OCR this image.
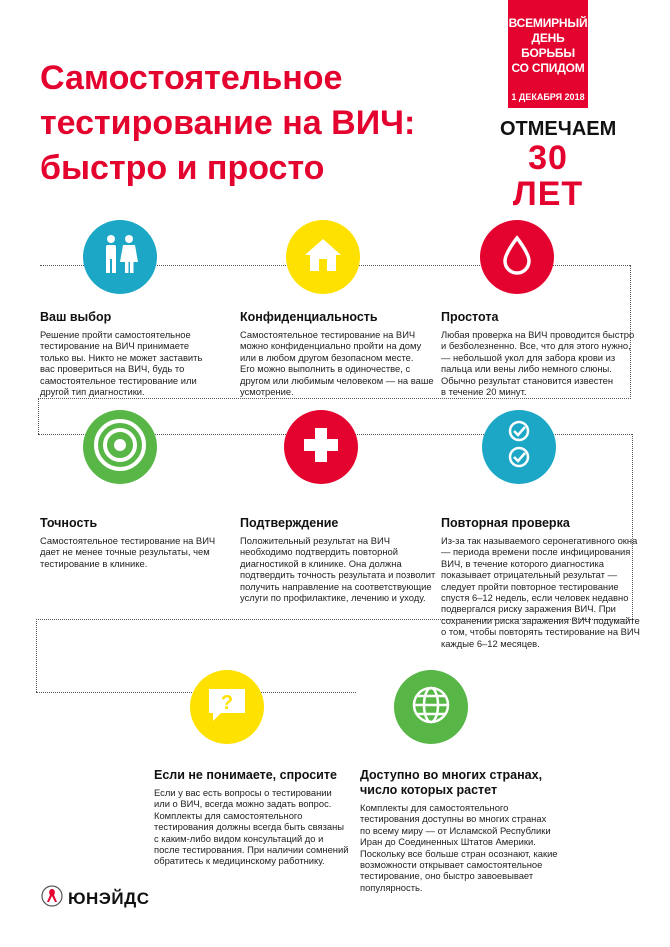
Самостоятельное
тестирование на ВИЧ:
быстро и просто
ВСЕМИРНЫЙ
ДЕНЬ БОРЬБЫ
СО СПИДОМ
1 ДЕКАБРЯ 2018
ОТМЕЧАЕМ
30 ЛЕТ
Ваш выбор
Решение пройти самостоятельное
тестирование на ВИЧ принимаете
только вы. Никто не может заставить
вас провериться на ВИЧ, будь то
самостоятельное тестирование или
другой тип диагностики.
Конфиденциальность
Самостоятельное тестирование на ВИЧ
можно конфиденциально пройти на дому
или в любом другом безопасном месте.
Его можно выполнить в одиночестве, с
другом или любимым человеком — на ваше
усмотрение.
Простота
Любая проверка на ВИЧ проводится быстро
и безболезненно. Все, что для этого нужно,
— небольшой укол для забора крови из
пальца или вены либо немного слюны.
Обычно результат становится известен
в течение 20 минут.
Точность
Самостоятельное тестирование на ВИЧ
дает не менее точные результаты, чем
тестирование в клинике.
Подтверждение
Положительный результат на ВИЧ
необходимо подтвердить повторной
диагностикой в клинике. Она должна
подтвердить точность результата и позволит
получить направление на соответствующие
услуги по профилактике, лечению и уходу.
Повторная проверка
Из-за так называемого серонегативного окна
— периода времени после инфицирования
ВИЧ, в течение которого диагностика
показывает отрицательный результат —
следует пройти повторное тестирование
спустя 6–12 недель, если человек недавно
подвергался риску заражения ВИЧ. При
сохранении риска заражения ВИЧ подумайте
о том, чтобы повторять тестирование на ВИЧ
каждые 6–12 месяцев.
?
Если не понимаете, спросите
Если у вас есть вопросы о тестировании
или о ВИЧ, всегда можно задать вопрос.
Комплекты для самостоятельного
тестирования должны всегда быть связаны
с каким-либо видом консультаций до и
после тестирования. При наличии сомнений
обратитесь к медицинскому работнику.
Доступно во многих странах,
число которых растет
Комплекты для самостоятельного
тестирования доступны во многих странах
по всему миру — от Исламской Республики
Иран до Соединенных Штатов Америки.
Поскольку все больше стран осознают, какие
возможности открывает самостоятельное
тестирование, оно быстро завоевывает
популярность.
ЮНЭЙДС
